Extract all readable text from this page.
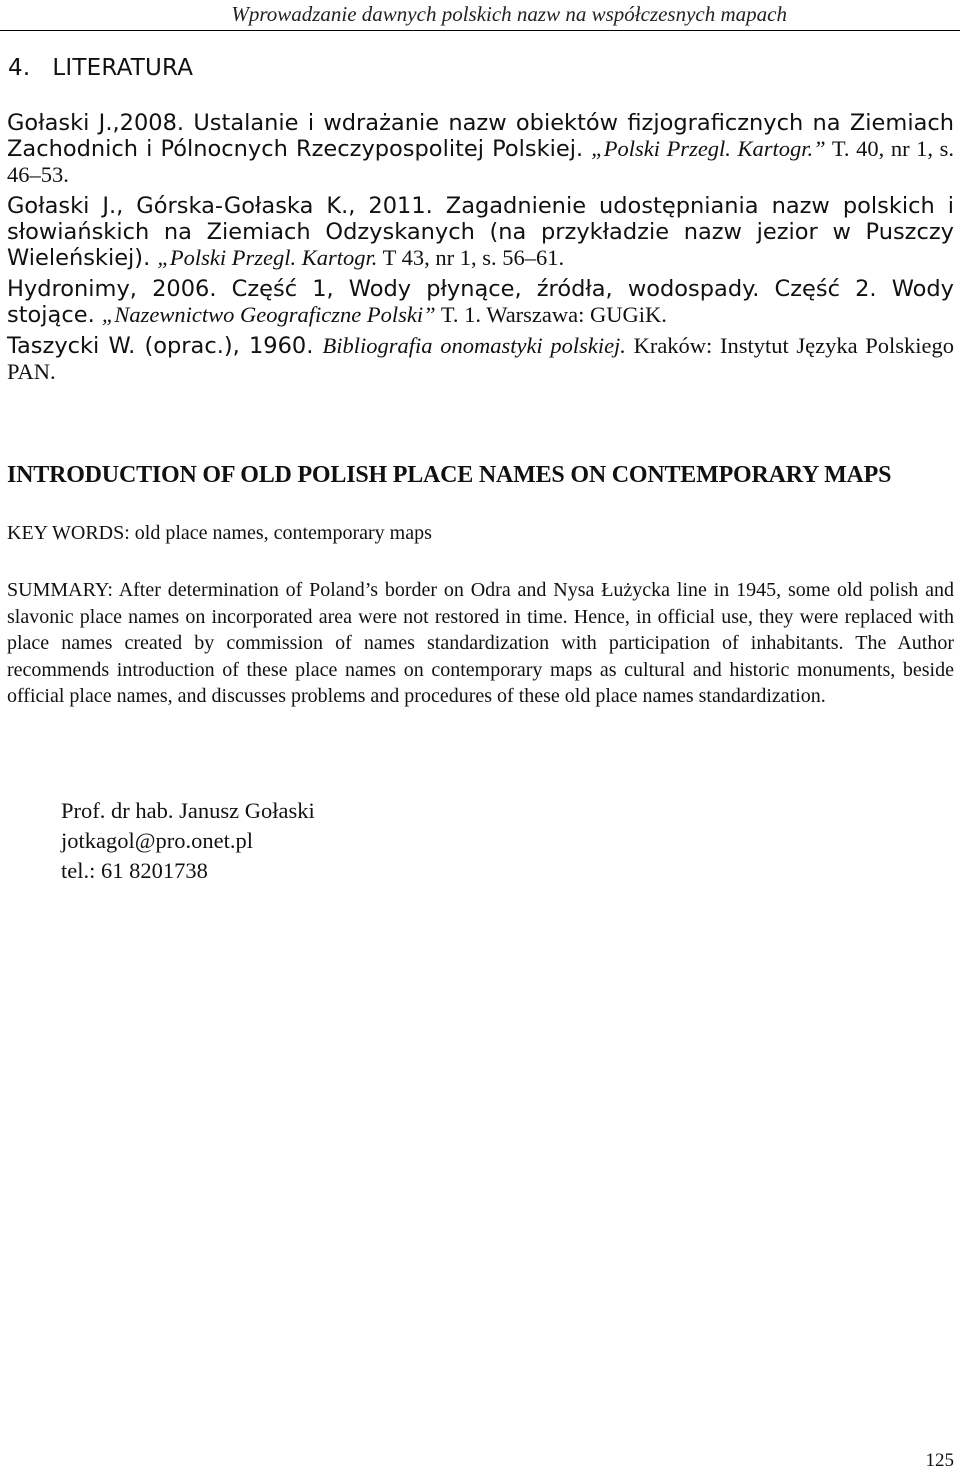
Wprowadzanie dawnych polskich nazw na współczesnych mapach
4. LITERATURA

Gołaski J.,2008. Ustalanie i wdrażanie nazw obiektów fizjograficznych na Ziemiach Zachodnich i Pólnocnych Rzeczypospolitej Polskiej. „Polski Przegl. Kartogr.” T. 40, nr 1, s. 46–53.

Gołaski J., Górska-Gołaska K., 2011. Zagadnienie udostępniania nazw polskich i słowiańskich na Ziemiach Odzyskanych (na przykładzie nazw jezior w Puszczy Wieleńskiej). „Polski Przegl. Kartogr. T 43, nr 1, s. 56–61.

Hydronimy, 2006. Część 1, Wody płynące, źródła, wodospady. Część 2. Wody stojące. „Nazewnictwo Geograficzne Polski” T. 1. Warszawa: GUGiK.

Taszycki W. (oprac.), 1960. Bibliografia onomastyki polskiej. Kraków: Instytut Języka Polskiego PAN.

INTRODUCTION OF OLD POLISH PLACE NAMES ON CONTEMPORARY MAPS
KEY WORDS: old place names, contemporary maps
SUMMARY: After determination of Poland’s border on Odra and Nysa Łużycka line in 1945, some old polish and slavonic place names on incorporated area were not restored in time. Hence, in official use, they were replaced with place names created by commission of names standardization with participation of inhabitants. The Author recommends introduction of these place names on contemporary maps as cultural and historic monuments, beside official place names, and discusses problems and procedures of these old place names standardization.
Prof. dr hab. Janusz Gołaski
jotkagol@pro.onet.pl
tel.: 61 8201738
125
